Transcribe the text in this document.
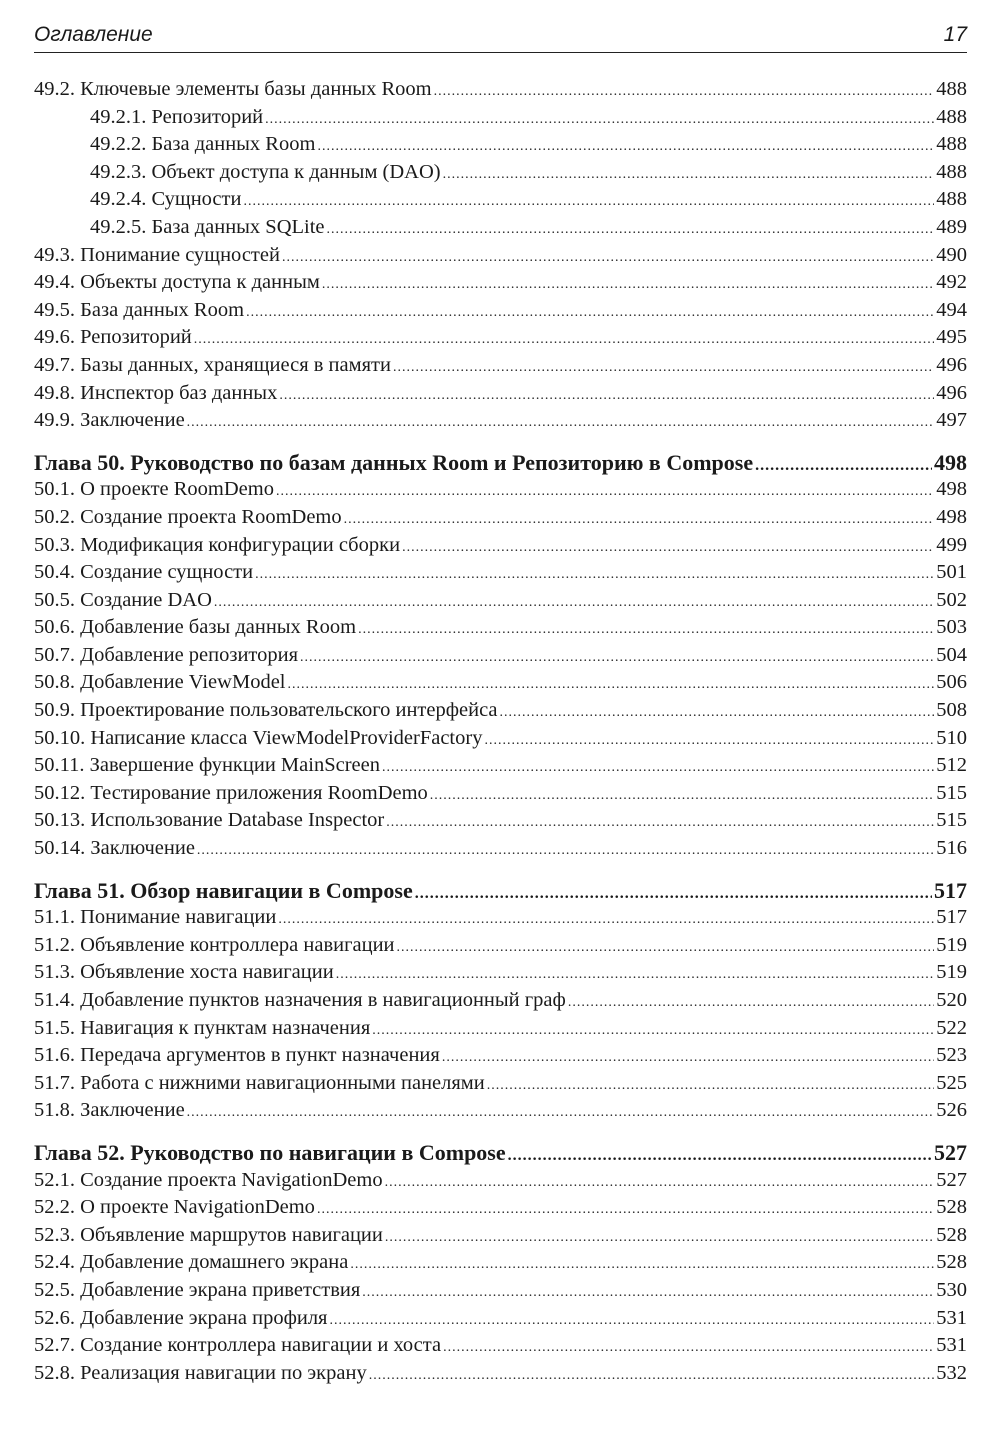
Оглавление	17
49.2. Ключевые элементы базы данных Room .....	488
49.2.1. Репозиторий .....	488
49.2.2. База данных Room .....	488
49.2.3. Объект доступа к данным (DAO) .....	488
49.2.4. Сущности .....	488
49.2.5. База данных SQLite .....	489
49.3. Понимание сущностей .....	490
49.4. Объекты доступа к данным .....	492
49.5. База данных Room .....	494
49.6. Репозиторий .....	495
49.7. Базы данных, хранящиеся в памяти .....	496
49.8. Инспектор баз данных .....	496
49.9. Заключение .....	497
Глава 50. Руководство по базам данных Room и Репозиторию в Compose .....	498
50.1. О проекте RoomDemo .....	498
50.2. Создание проекта RoomDemo .....	498
50.3. Модификация конфигурации сборки .....	499
50.4. Создание сущности .....	501
50.5. Создание DAO .....	502
50.6. Добавление базы данных Room .....	503
50.7. Добавление репозитория .....	504
50.8. Добавление ViewModel .....	506
50.9. Проектирование пользовательского интерфейса .....	508
50.10. Написание класса ViewModelProviderFactory .....	510
50.11. Завершение функции MainScreen .....	512
50.12. Тестирование приложения RoomDemo .....	515
50.13. Использование Database Inspector .....	515
50.14. Заключение .....	516
Глава 51. Обзор навигации в Compose .....	517
51.1. Понимание навигации .....	517
51.2. Объявление контроллера навигации .....	519
51.3. Объявление хоста навигации .....	519
51.4. Добавление пунктов назначения в навигационный граф .....	520
51.5. Навигация к пунктам назначения .....	522
51.6. Передача аргументов в пункт назначения .....	523
51.7. Работа с нижними навигационными панелями .....	525
51.8. Заключение .....	526
Глава 52. Руководство по навигации в Compose .....	527
52.1. Создание проекта NavigationDemo .....	527
52.2. О проекте NavigationDemo .....	528
52.3. Объявление маршрутов навигации .....	528
52.4. Добавление домашнего экрана .....	528
52.5. Добавление экрана приветствия .....	530
52.6. Добавление экрана профиля .....	531
52.7. Создание контроллера навигации и хоста .....	531
52.8. Реализация навигации по экрану .....	532
